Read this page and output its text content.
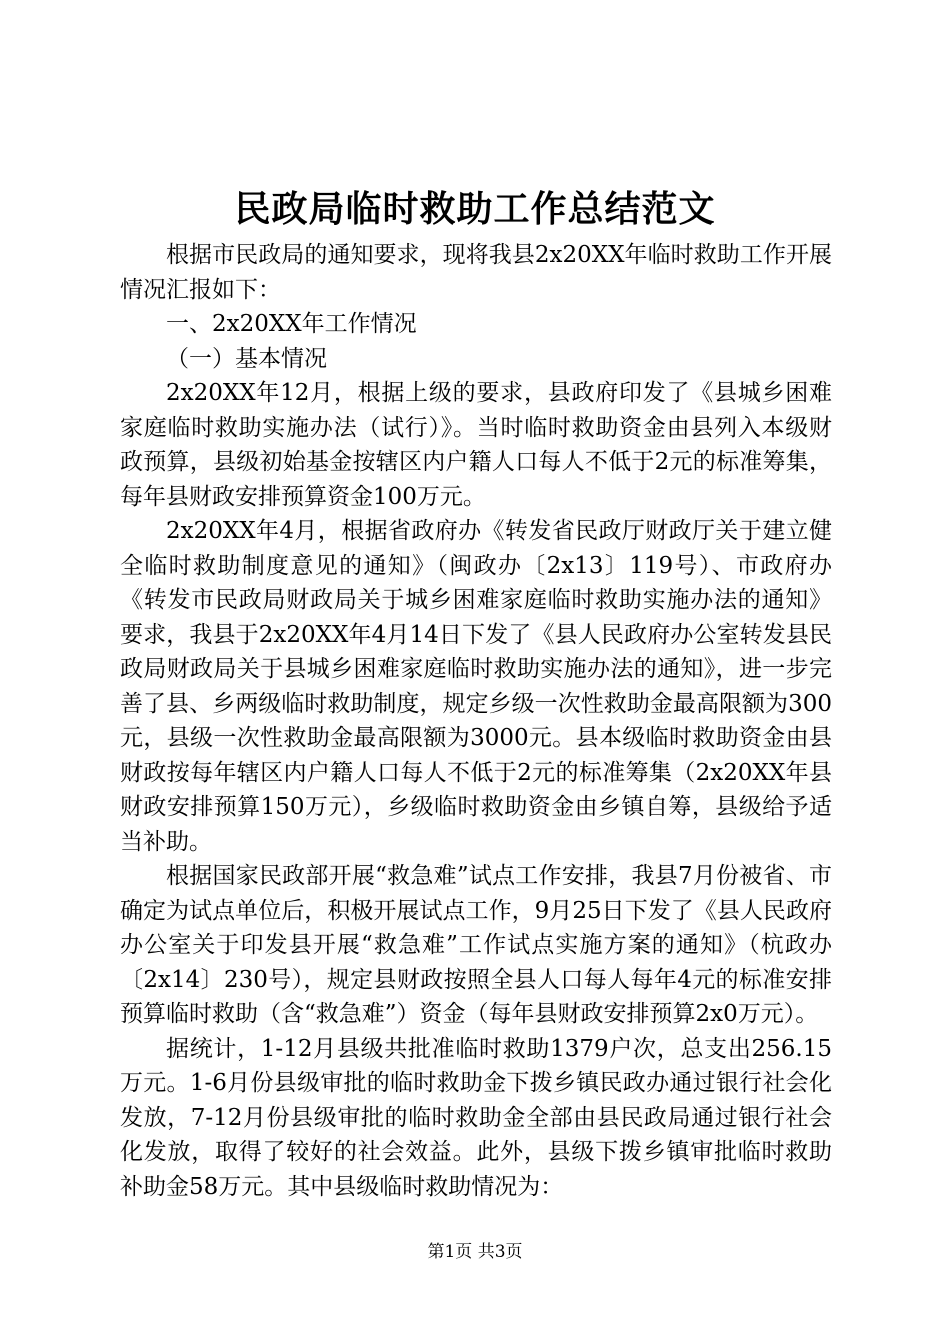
民政局临时救助工作总结范文

根据市民政局的通知要求，现将我县2x20XX年临时救助工作开展情况汇报如下：

一、2x20XX年工作情况

（一）基本情况

2x20XX年12月，根据上级的要求，县政府印发了《县城乡困难家庭临时救助实施办法（试行）》。当时临时救助资金由县列入本级财政预算，县级初始基金按辖区内户籍人口每人不低于2元的标准筹集，每年县财政安排预算资金100万元。

2x20XX年4月，根据省政府办《转发省民政厅财政厅关于建立健全临时救助制度意见的通知》（闽政办〔2x13〕119号）、市政府办《转发市民政局财政局关于城乡困难家庭临时救助实施办法的通知》要求，我县于2x20XX年4月14日下发了《县人民政府办公室转发县民政局财政局关于县城乡困难家庭临时救助实施办法的通知》，进一步完善了县、乡两级临时救助制度，规定乡级一次性救助金最高限额为300元，县级一次性救助金最高限额为3000元。县本级临时救助资金由县财政按每年辖区内户籍人口每人不低于2元的标准筹集（2x20XX年县财政安排预算150万元），乡级临时救助资金由乡镇自筹，县级给予适当补助。

根据国家民政部开展“救急难”试点工作安排，我县7月份被省、市确定为试点单位后，积极开展试点工作，9月25日下发了《县人民政府办公室关于印发县开展“救急难”工作试点实施方案的通知》（杭政办〔2x14〕230号），规定县财政按照全县人口每人每年4元的标准安排预算临时救助（含“救急难”）资金（每年县财政安排预算2x0万元）。

据统计，1-12月县级共批准临时救助1379户次，总支出256.15万元。1-6月份县级审批的临时救助金下拨乡镇民政办通过银行社会化发放，7-12月份县级审批的临时救助金全部由县民政局通过银行社会化发放，取得了较好的社会效益。此外，县级下拨乡镇审批临时救助补助金58万元。其中县级临时救助情况为：

第1页 共3页
